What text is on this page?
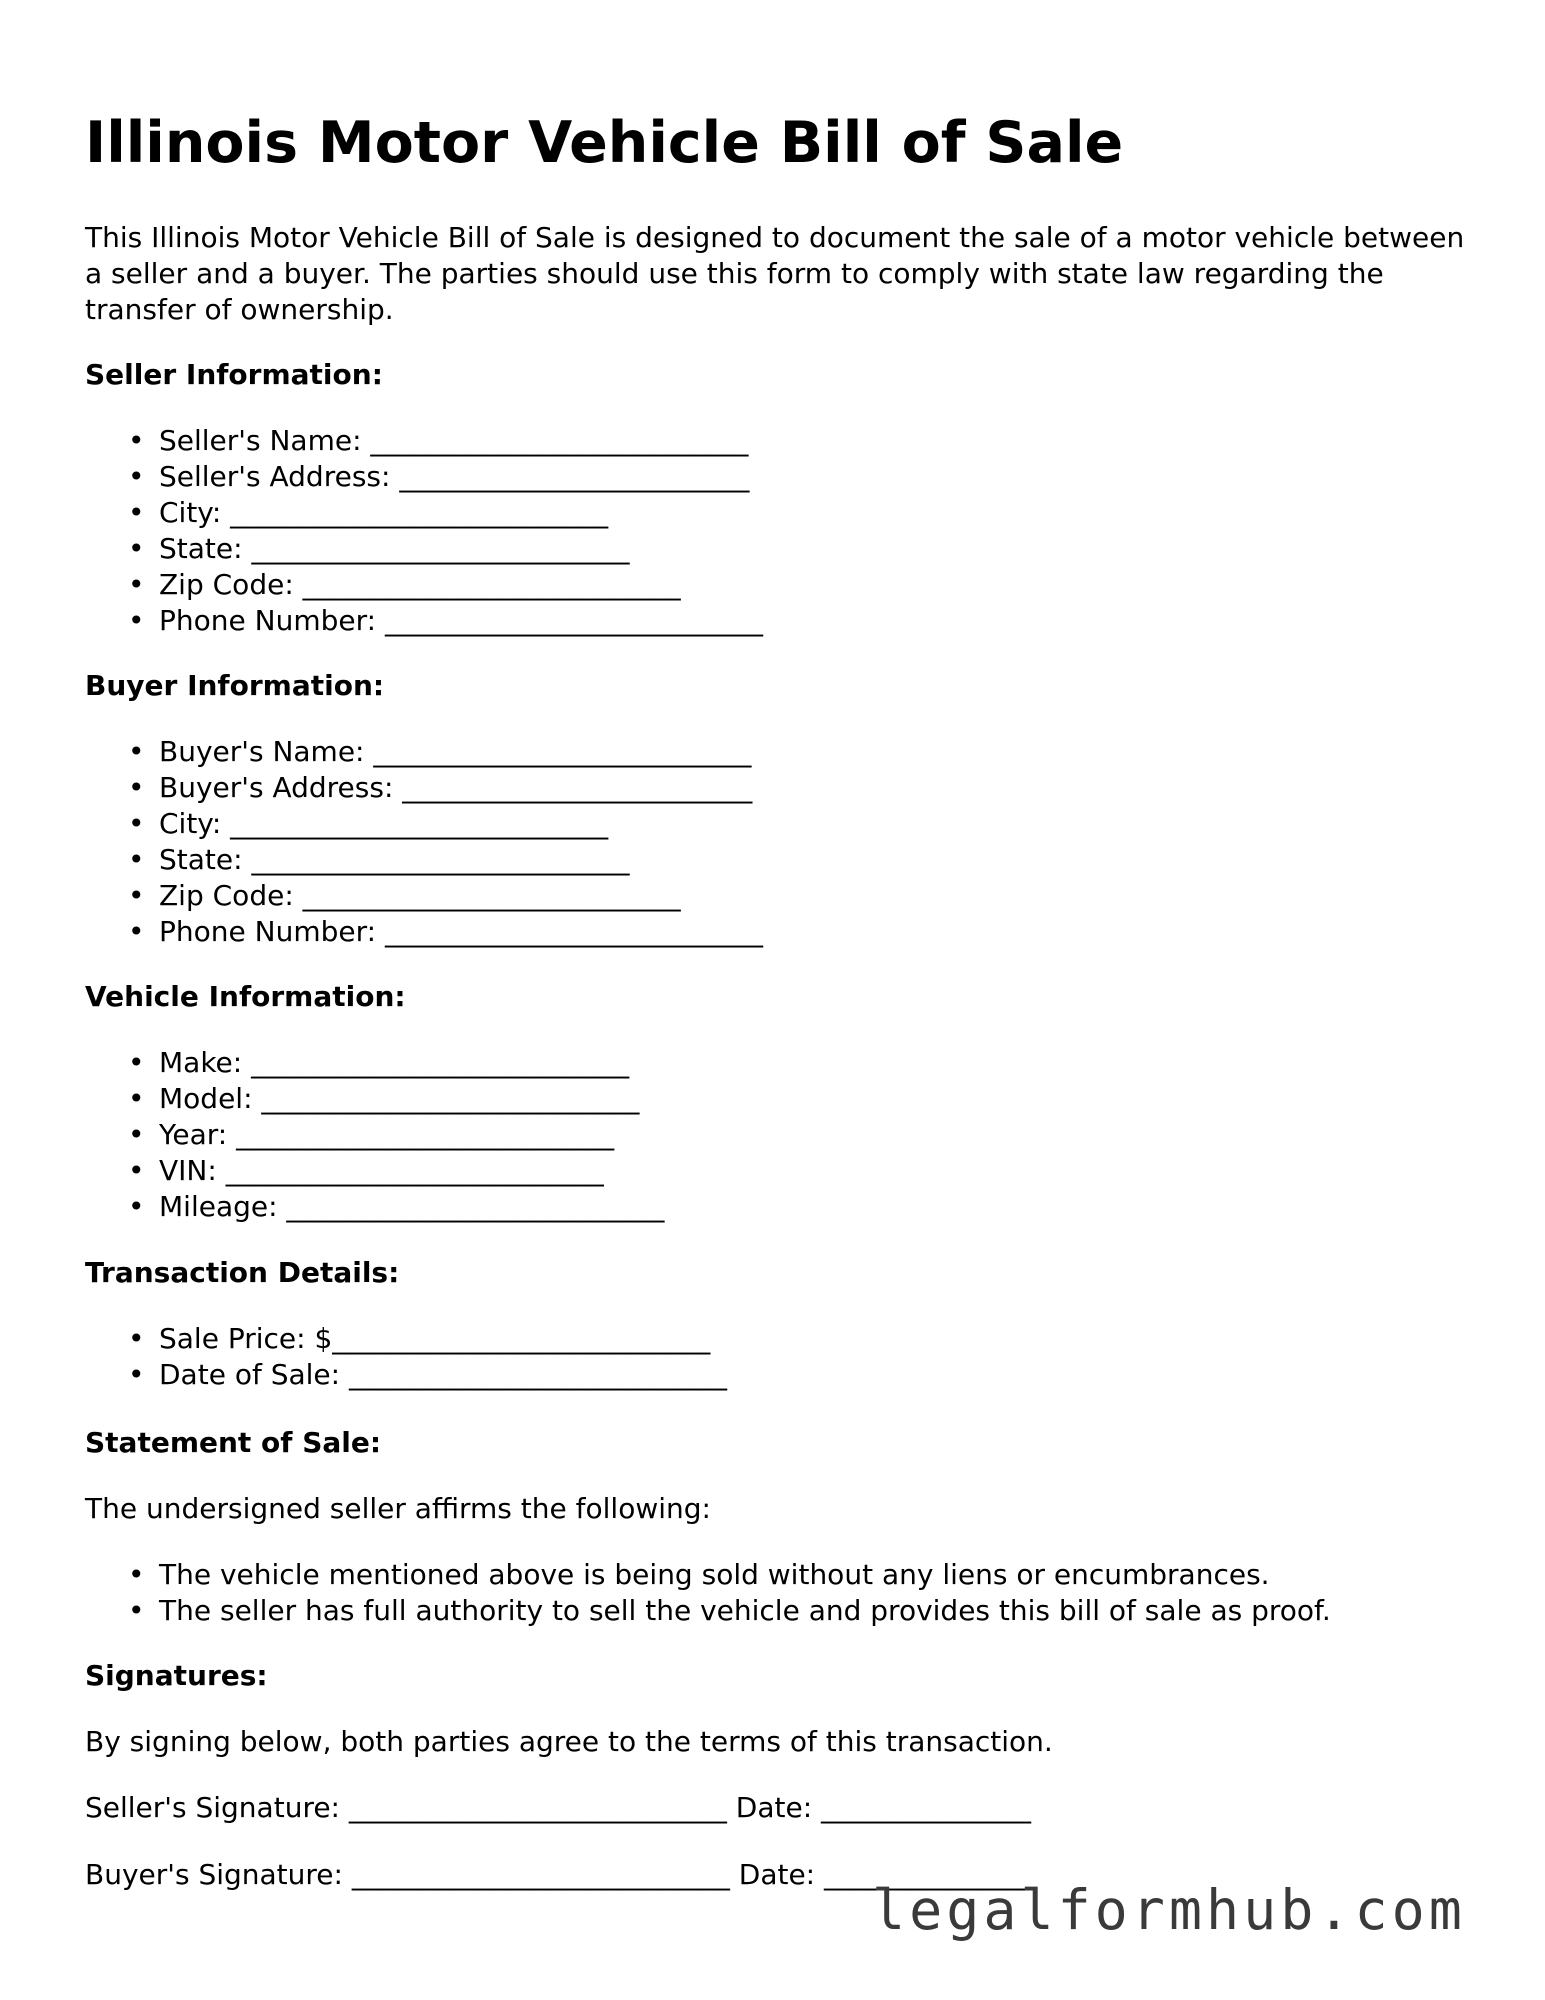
Illinois Motor Vehicle Bill of Sale

This Illinois Motor Vehicle Bill of Sale is designed to document the sale of a motor vehicle between a seller and a buyer. The parties should use this form to comply with state law regarding the transfer of ownership.

Seller Information:
• Seller's Name: ___________________________
• Seller's Address: _________________________
• City: ___________________________
• State: ___________________________
• Zip Code: ___________________________
• Phone Number: ___________________________
Buyer Information:
• Buyer's Name: ___________________________
• Buyer's Address: _________________________
• City: ___________________________
• State: ___________________________
• Zip Code: ___________________________
• Phone Number: ___________________________
Vehicle Information:
• Make: ___________________________
• Model: ___________________________
• Year: ___________________________
• VIN: ___________________________
• Mileage: ___________________________
Transaction Details:
• Sale Price: $___________________________
• Date of Sale: ___________________________
Statement of Sale:

The undersigned seller affirms the following:

• The vehicle mentioned above is being sold without any liens or encumbrances.
• The seller has full authority to sell the vehicle and provides this bill of sale as proof.
Signatures:

By signing below, both parties agree to the terms of this transaction.

Seller's Signature: ___________________________ Date: _______________

Buyer's Signature: ___________________________ Date: _______________

legalformhub.com
